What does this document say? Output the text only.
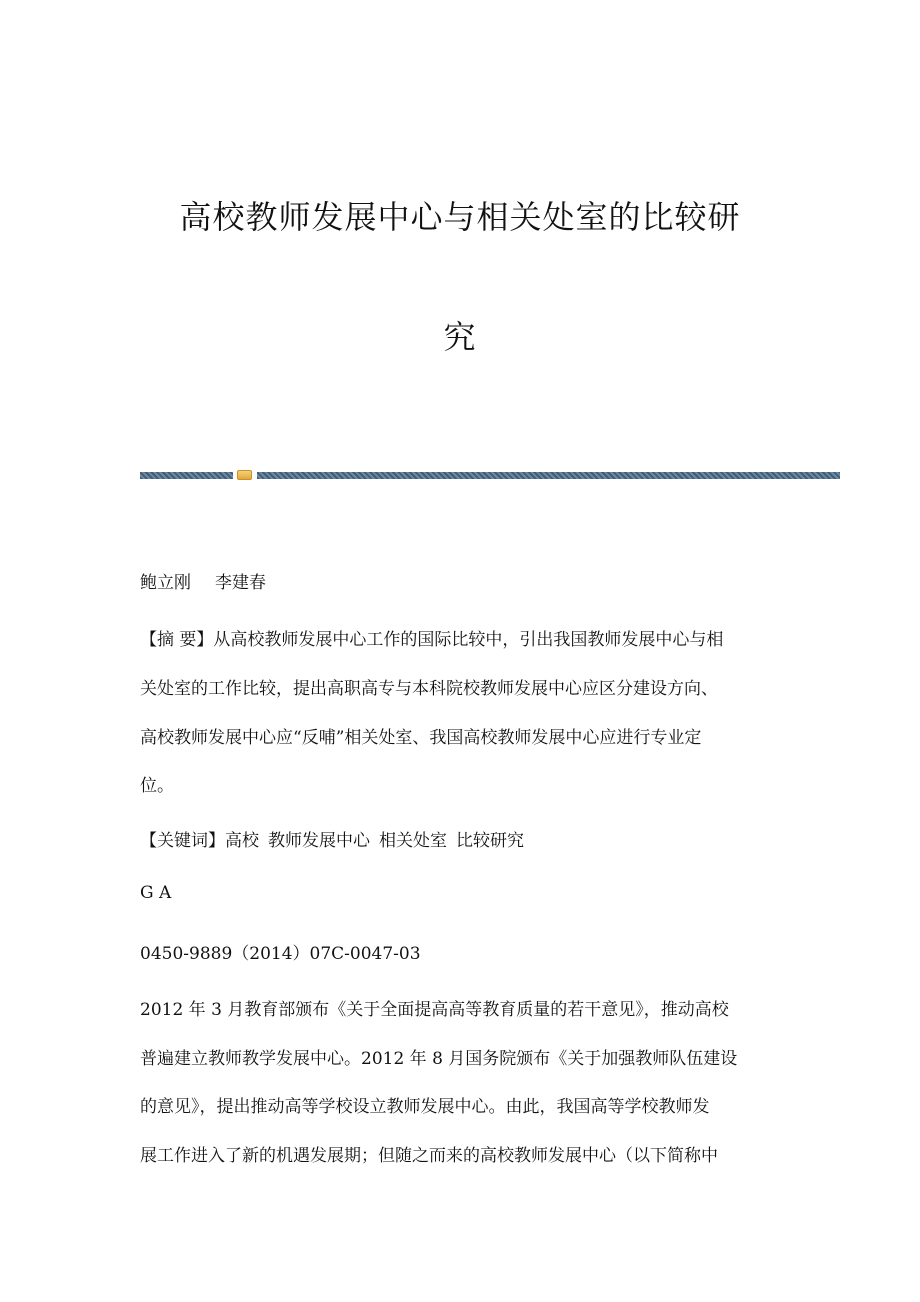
高校教师发展中心与相关处室的比较研
究

鲍立刚 李建春

【摘 要】从高校教师发展中心工作的国际比较中，引出我国教师发展中心与相

关处室的工作比较，提出高职高专与本科院校教师发展中心应区分建设方向、

高校教师发展中心应“反哺”相关处室、我国高校教师发展中心应进行专业定

位。

【关键词】高校 教师发展中心 相关处室 比较研究

G A

0450-9889（2014）07C-0047-03

2012 年 3 月教育部颁布《关于全面提高高等教育质量的若干意见》，推动高校

普遍建立教师教学发展中心。2012 年 8 月国务院颁布《关于加强教师队伍建设

的意见》，提出推动高等学校设立教师发展中心。由此，我国高等学校教师发

展工作进入了新的机遇发展期；但随之而来的高校教师发展中心（以下简称中
